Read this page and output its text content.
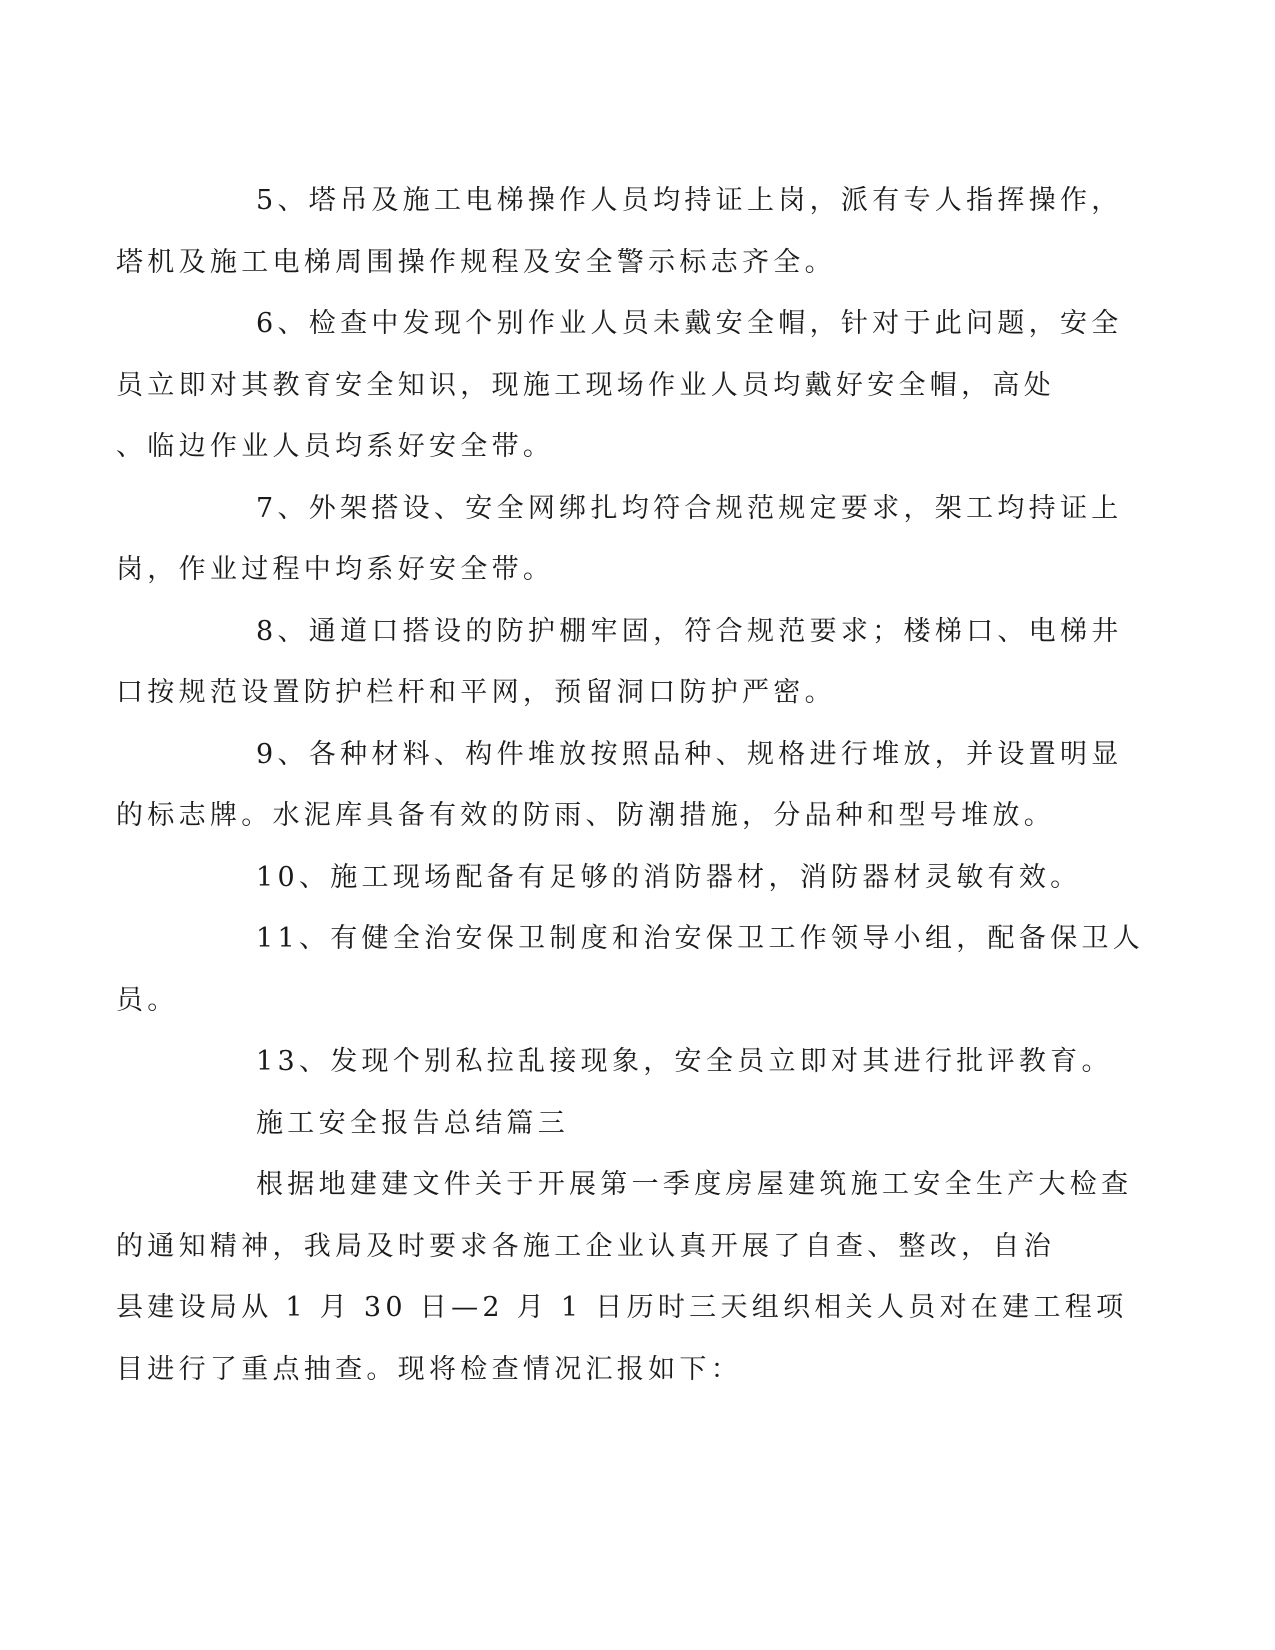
5、塔吊及施工电梯操作人员均持证上岗，派有专人指挥操作，
塔机及施工电梯周围操作规程及安全警示标志齐全。

6、检查中发现个别作业人员未戴安全帽，针对于此问题，安全
员立即对其教育安全知识，现施工现场作业人员均戴好安全帽，高处
、临边作业人员均系好安全带。

7、外架搭设、安全网绑扎均符合规范规定要求，架工均持证上
岗，作业过程中均系好安全带。

8、通道口搭设的防护棚牢固，符合规范要求；楼梯口、电梯井
口按规范设置防护栏杆和平网，预留洞口防护严密。

9、各种材料、构件堆放按照品种、规格进行堆放，并设置明显
的标志牌。水泥库具备有效的防雨、防潮措施，分品种和型号堆放。

10、施工现场配备有足够的消防器材，消防器材灵敏有效。

11、有健全治安保卫制度和治安保卫工作领导小组，配备保卫人
员。

13、发现个别私拉乱接现象，安全员立即对其进行批评教育。

施工安全报告总结篇三

根据地建建文件关于开展第一季度房屋建筑施工安全生产大检查
的通知精神，我局及时要求各施工企业认真开展了自查、整改，自治
县建设局从 1 月 30 日—2 月 1 日历时三天组织相关人员对在建工程项
目进行了重点抽查。现将检查情况汇报如下：
